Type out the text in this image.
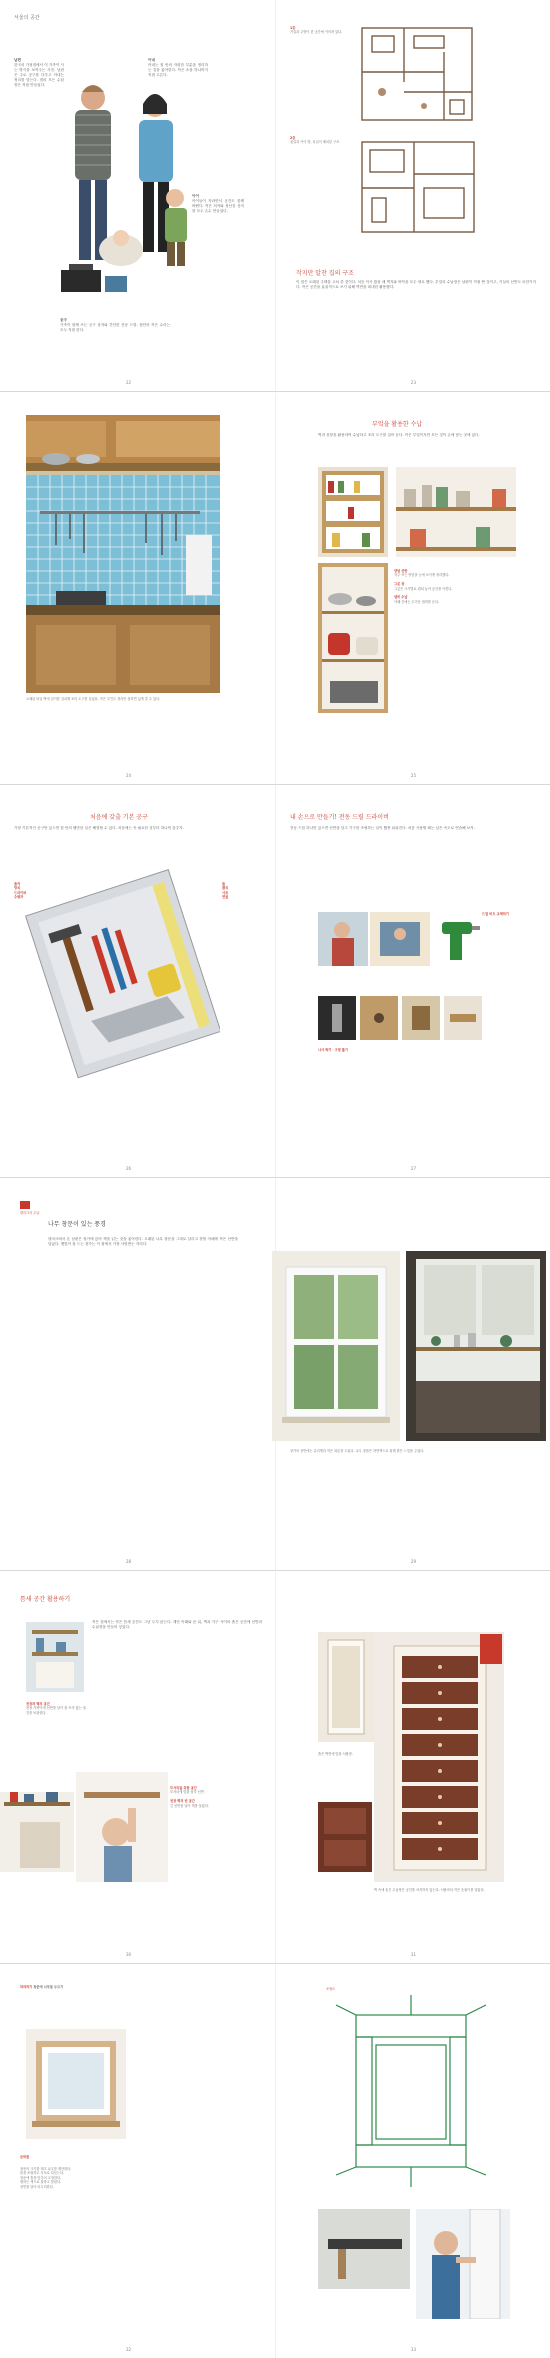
서울의 공간
남편
한국의 가정집에서 이 가족이 사는 방식을 보여주는 사진. 남편은 주로 공구를 다루고 아내는 정리를 맡는다. 집의 모든 수납장은 직접 만들었다.
아내
아내는 집 안의 자잘한 부분을 정리하는 것을 좋아한다. 작은 소품 하나까지 직접 고른다.
아이
아이들이 자라면서 공간도 함께 바뀐다. 작은 의자와 장난감 상자를 모두 손수 만들었다.
공구
가족이 함께 쓰는 공구 상자와 간단한 전동 드릴. 집안의 작은 수리는 모두 직접 한다.
22
1층
거실과 주방이 한 공간에 이어져 있다.
2층
침실과 아이 방, 욕실이 배치된 구조.
작지만 알찬 집의 구조
이 집은 오래된 주택을 고쳐 쓴 것이다. 처음 이사 왔을 때 벽지와 바닥을 모두 새로 했다. 부엌의 수납장은 남편이 직접 짠 것이고, 거실의 선반도 마찬가지다. 작은 공간을 효율적으로 쓰기 위해 벽면을 최대한 활용했다.
23
오래된 타일 벽에 걸이를 설치해 조리 도구를 걸었다. 작은 부엌도 정리만 잘하면 넓게 쓸 수 있다.
24
부엌을 활용한 수납
벽과 천장을 활용하여 수납하고 조리 도구를 걸어 둔다. 작은 부엌이지만 모든 것이 손에 닿는 곳에 있다.
양념 선반
자주 쓰는 양념을 눈에 보이게 정리했다.

그릇 장
그릇은 크기별로 겹쳐 놓아 공간을 아낀다.

냄비 수납
아래 칸에는 무거운 냄비를 둔다.
25
처음에 갖출 기본 공구
가장 기본적인 공구만 있으면 집 안의 웬만한 일은 해결할 수 있다. 처음에는 꼭 필요한 것부터 하나씩 갖추자.
줄자
망치
드라이버
수평자
톱
펜치
사포
연필
26
내 손으로 만들기! 전동 드릴 드라이버
전동 드릴 하나만 있으면 선반을 달고 가구를 조립하는 일이 훨씬 쉬워진다. 처음 사용할 때는 낮은 속도로 연습해 보자.
드릴 비트 교체하기
나사 박기 · 구멍 뚫기
27
덴마크의 수납
나무 창문이 있는 풍경
덴마크에서 온 남편은 창가에 앉아 책을 읽는 것을 좋아한다. 오래된 나무 창문을 그대로 살리고 창틀 아래에 작은 선반을 달았다. 햇빛이 잘 드는 창가는 이 집에서 가장 사랑받는 자리다.
28
창가의 선반에는 유리병과 작은 화분을 두었다. 나무 창틀은 하얀색으로 칠해 밝은 느낌을 주었다.
29
틈새 공간 활용하기
작은 집에서는 작은 틈새 공간도 그냥 두지 않는다. 계단 아래와 문 위, 벽과 가구 사이의 좁은 공간에 선반과 수납장을 만들어 넣었다.
천장과 벽의 공간
천장 가까이에 선반을 달아 잘 쓰지 않는 물건을 보관한다.
모서리를 위한 공간
모서리에 맞춘 삼각 선반.

천장 벽의 빈 공간
긴 선반을 달아 책을 꽂았다.
30
좁은 벽면에 맞춘 서랍장.
벽 속에 숨긴 수납장은 공간을 차지하지 않는다. 서랍마다 작은 손잡이를 달았다.
31
따라하기 창문에 나무틀 두르기
준비물
창문의 크기를 재고 나무를 재단한다.
틀을 조립하고 사포로 다듬는다.
창문에 틀을 맞추어 고정한다.
원하는 색으로 칠하고 말린다.
선반을 달아 마무리한다.
32
조립도
33
